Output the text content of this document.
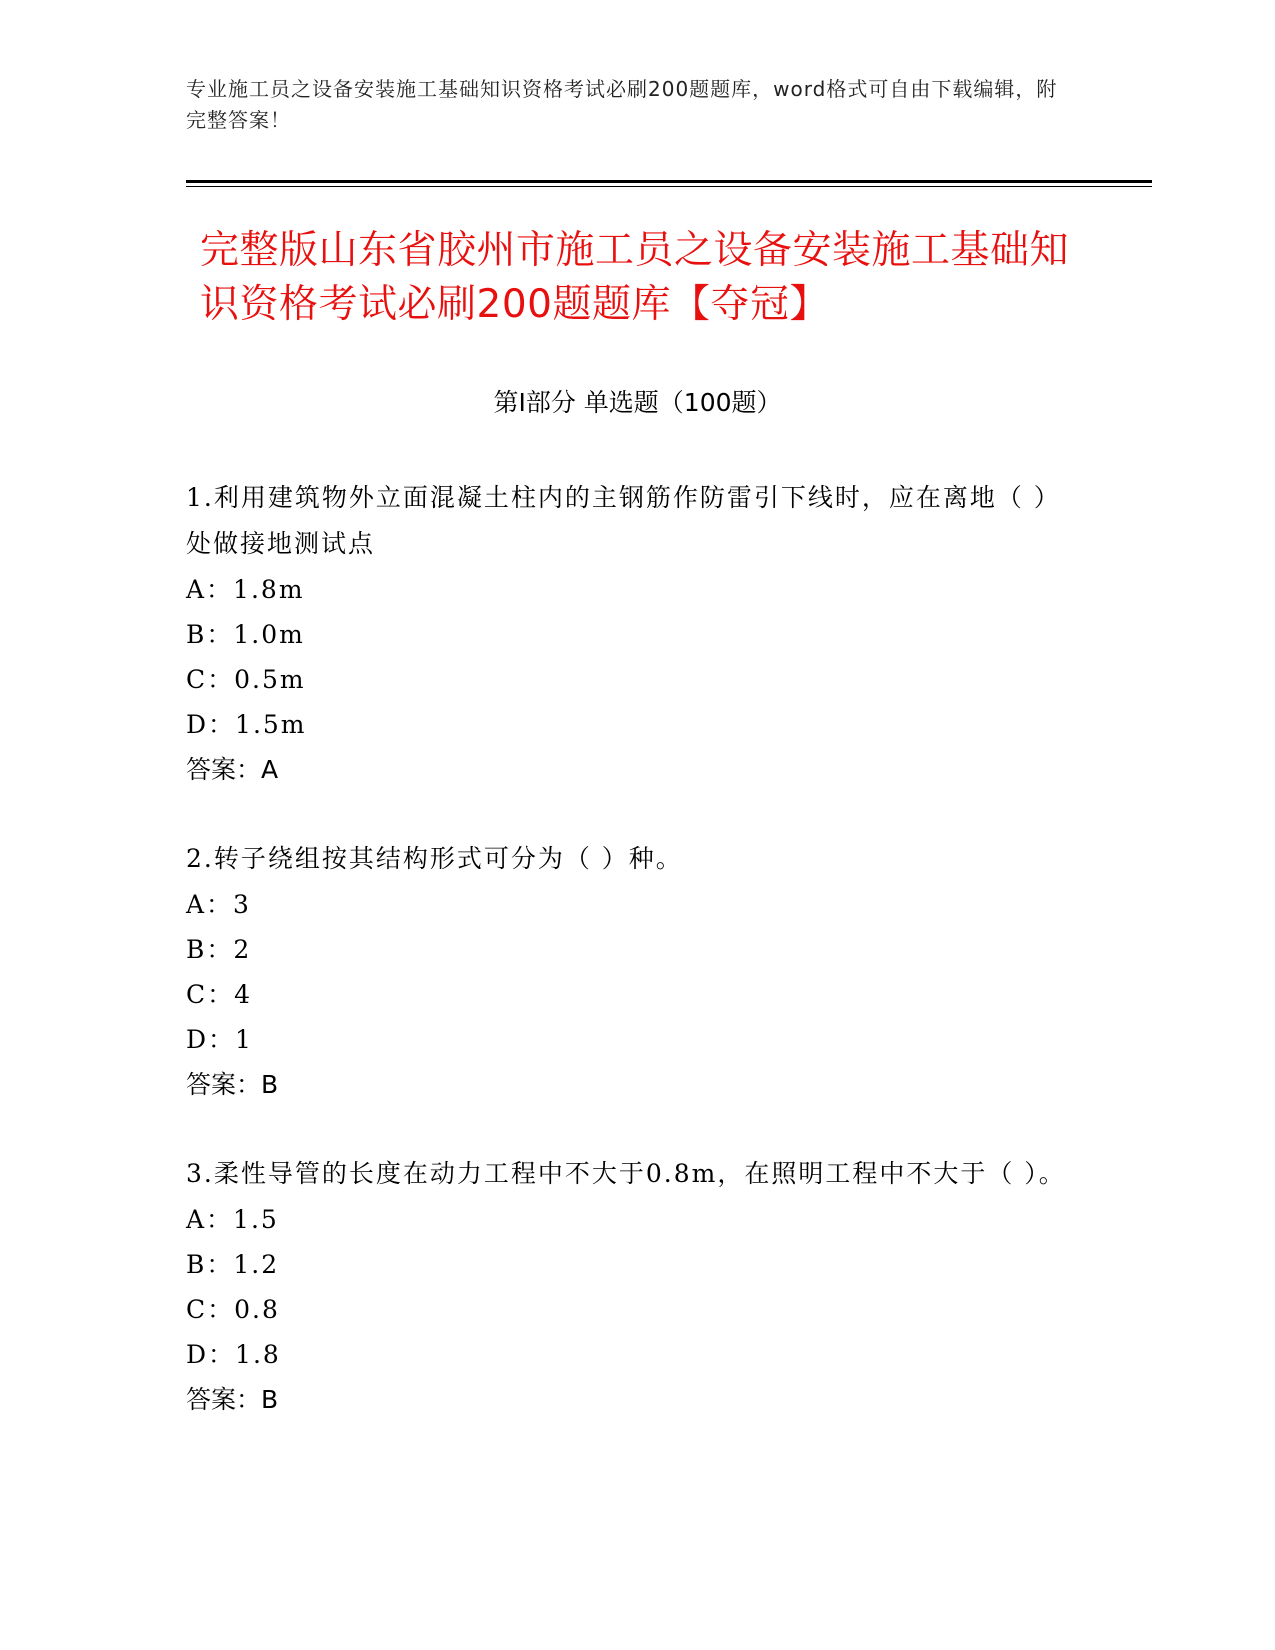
专业施工员之设备安装施工基础知识资格考试必刷200题题库，word格式可自由下载编辑，附完整答案！
完整版山东省胶州市施工员之设备安装施工基础知识资格考试必刷200题题库【夺冠】
第I部分 单选题（100题）
1.利用建筑物外立面混凝土柱内的主钢筋作防雷引下线时，应在离地（ ）处做接地测试点
A：1.8m
B：1.0m
C：0.5m
D：1.5m
答案：A
2.转子绕组按其结构形式可分为（ ）种。
A：3
B：2
C：4
D：1
答案：B
3.柔性导管的长度在动力工程中不大于0.8m，在照明工程中不大于（ ）。
A：1.5
B：1.2
C：0.8
D：1.8
答案：B
